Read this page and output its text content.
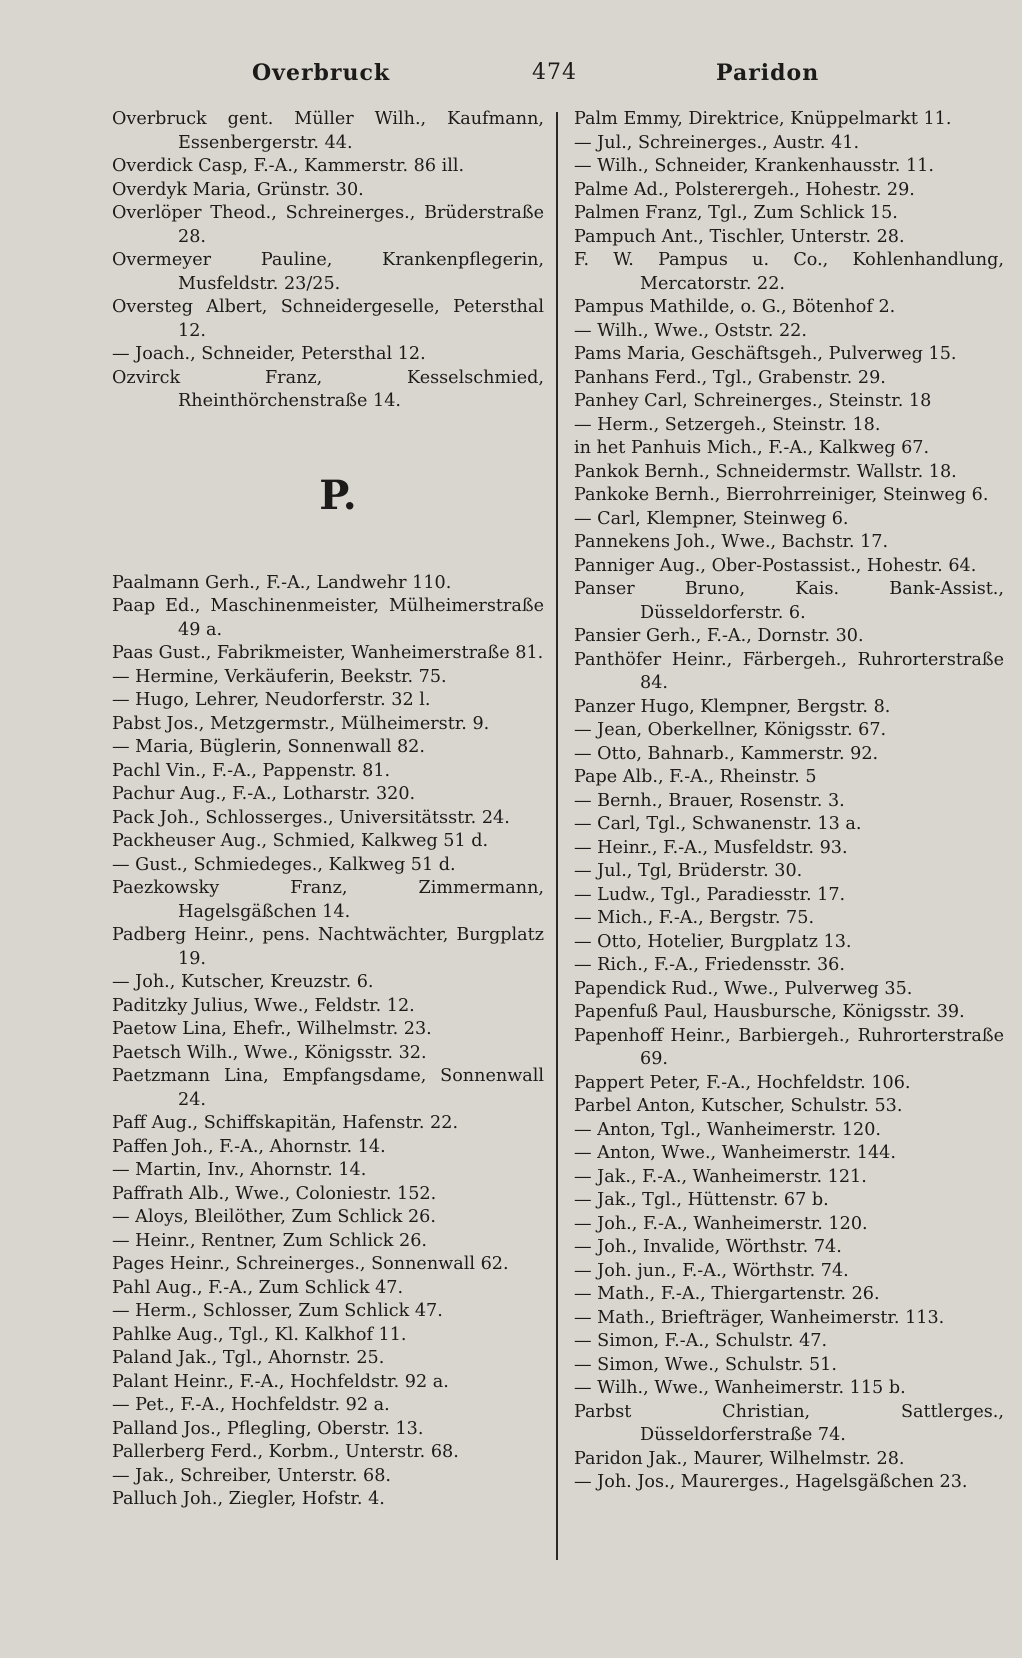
Overbruck	474	Paridon

Overbruck gent. Müller Wilh., Kaufmann, Essenbergerstr. 44.

Overdick Casp, F.-A., Kammerstr. 86 ill.

Overdyk Maria, Grünstr. 30.

Overlöper Theod., Schreinerges., Brüderstraße 28.

Overmeyer Pauline, Krankenpflegerin, Musfeldstr. 23/25.

Oversteg Albert, Schneidergeselle, Petersthal 12.

— Joach., Schneider, Petersthal 12.

Ozvirck Franz, Kesselschmied, Rheinthörchenstraße 14.

P.

Paalmann Gerh., F.-A., Landwehr 110.

Paap Ed., Maschinenmeister, Mülheimerstraße 49 a.

Paas Gust., Fabrikmeister, Wanheimerstraße 81.

— Hermine, Verkäuferin, Beekstr. 75.

— Hugo, Lehrer, Neudorferstr. 32 l.

Pabst Jos., Metzgermstr., Mülheimerstr. 9.

— Maria, Büglerin, Sonnenwall 82.

Pachl Vin., F.-A., Pappenstr. 81.

Pachur Aug., F.-A., Lotharstr. 320.

Pack Joh., Schlosserges., Universitätsstr. 24.

Packheuser Aug., Schmied, Kalkweg 51 d.

— Gust., Schmiedeges., Kalkweg 51 d.

Paezkowsky Franz, Zimmermann, Hagelsgäßchen 14.

Padberg Heinr., pens. Nachtwächter, Burgplatz 19.

— Joh., Kutscher, Kreuzstr. 6.

Paditzky Julius, Wwe., Feldstr. 12.

Paetow Lina, Ehefr., Wilhelmstr. 23.

Paetsch Wilh., Wwe., Königsstr. 32.

Paetzmann Lina, Empfangsdame, Sonnenwall 24.

Paff Aug., Schiffskapitän, Hafenstr. 22.

Paffen Joh., F.-A., Ahornstr. 14.

— Martin, Inv., Ahornstr. 14.

Paffrath Alb., Wwe., Coloniestr. 152.

— Aloys, Bleilöther, Zum Schlick 26.

— Heinr., Rentner, Zum Schlick 26.

Pages Heinr., Schreinerges., Sonnenwall 62.

Pahl Aug., F.-A., Zum Schlick 47.

— Herm., Schlosser, Zum Schlick 47.

Pahlke Aug., Tgl., Kl. Kalkhof 11.

Paland Jak., Tgl., Ahornstr. 25.

Palant Heinr., F.-A., Hochfeldstr. 92 a.

— Pet., F.-A., Hochfeldstr. 92 a.

Palland Jos., Pflegling, Oberstr. 13.

Pallerberg Ferd., Korbm., Unterstr. 68.

— Jak., Schreiber, Unterstr. 68.

Palluch Joh., Ziegler, Hofstr. 4.

Palm Emmy, Direktrice, Knüppelmarkt 11.

— Jul., Schreinerges., Austr. 41.

— Wilh., Schneider, Krankenhausstr. 11.

Palme Ad., Polsterergeh., Hohestr. 29.

Palmen Franz, Tgl., Zum Schlick 15.

Pampuch Ant., Tischler, Unterstr. 28.

F. W. Pampus u. Co., Kohlenhandlung, Mercatorstr. 22.

Pampus Mathilde, o. G., Bötenhof 2.

— Wilh., Wwe., Oststr. 22.

Pams Maria, Geschäftsgeh., Pulverweg 15.

Panhans Ferd., Tgl., Grabenstr. 29.

Panhey Carl, Schreinerges., Steinstr. 18

— Herm., Setzergeh., Steinstr. 18.

in het Panhuis Mich., F.-A., Kalkweg 67.

Pankok Bernh., Schneidermstr. Wallstr. 18.

Pankoke Bernh., Bierrohrreiniger, Steinweg 6.

— Carl, Klempner, Steinweg 6.

Pannekens Joh., Wwe., Bachstr. 17.

Panniger Aug., Ober-Postassist., Hohestr. 64.

Panser Bruno, Kais. Bank-Assist., Düsseldorferstr. 6.

Pansier Gerh., F.-A., Dornstr. 30.

Panthöfer Heinr., Färbergeh., Ruhrorterstraße 84.

Panzer Hugo, Klempner, Bergstr. 8.

— Jean, Oberkellner, Königsstr. 67.

— Otto, Bahnarb., Kammerstr. 92.

Pape Alb., F.-A., Rheinstr. 5

— Bernh., Brauer, Rosenstr. 3.

— Carl, Tgl., Schwanenstr. 13 a.

— Heinr., F.-A., Musfeldstr. 93.

— Jul., Tgl, Brüderstr. 30.

— Ludw., Tgl., Paradiesstr. 17.

— Mich., F.-A., Bergstr. 75.

— Otto, Hotelier, Burgplatz 13.

— Rich., F.-A., Friedensstr. 36.

Papendick Rud., Wwe., Pulverweg 35.

Papenfuß Paul, Hausbursche, Königsstr. 39.

Papenhoff Heinr., Barbiergeh., Ruhrorterstraße 69.

Pappert Peter, F.-A., Hochfeldstr. 106.

Parbel Anton, Kutscher, Schulstr. 53.

— Anton, Tgl., Wanheimerstr. 120.

— Anton, Wwe., Wanheimerstr. 144.

— Jak., F.-A., Wanheimerstr. 121.

— Jak., Tgl., Hüttenstr. 67 b.

— Joh., F.-A., Wanheimerstr. 120.

— Joh., Invalide, Wörthstr. 74.

— Joh. jun., F.-A., Wörthstr. 74.

— Math., F.-A., Thiergartenstr. 26.

— Math., Briefträger, Wanheimerstr. 113.

— Simon, F.-A., Schulstr. 47.

— Simon, Wwe., Schulstr. 51.

— Wilh., Wwe., Wanheimerstr. 115 b.

Parbst Christian, Sattlerges., Düsseldorferstraße 74.

Paridon Jak., Maurer, Wilhelmstr. 28.

— Joh. Jos., Maurerges., Hagelsgäßchen 23.
